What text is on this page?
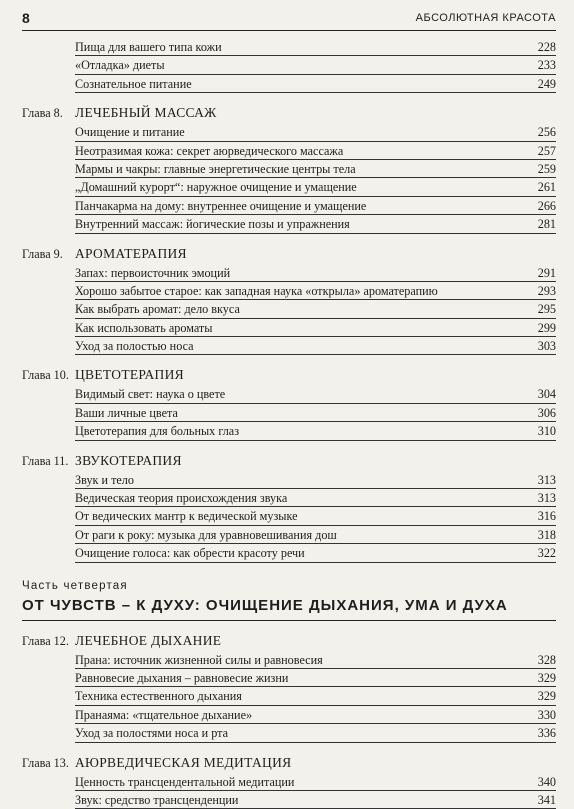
8	АБСОЛЮТНАЯ КРАСОТА
Пища для вашего типа кожи	228
«Отладка» диеты	233
Сознательное питание	249
Глава 8. ЛЕЧЕБНЫЙ МАССАЖ
Очищение и питание	256
Неотразимая кожа: секрет аюрведического массажа	257
Мармы и чакры: главные энергетические центры тела	259
„Домашний курорт“: наружное очищение и умащение	261
Панчакарма на дому: внутреннее очищение и умащение	266
Внутренний массаж: йогические позы и упражнения	281
Глава 9. АРОМАТЕРАПИЯ
Запах: первоисточник эмоций	291
Хорошо забытое старое: как западная наука «открыла» ароматерапию	293
Как выбрать аромат: дело вкуса	295
Как использовать ароматы	299
Уход за полостью носа	303
Глава 10. ЦВЕТОТЕРАПИЯ
Видимый свет: наука о цвете	304
Ваши личные цвета	306
Цветотерапия для больных глаз	310
Глава 11. ЗВУКОТЕРАПИЯ
Звук и тело	313
Ведическая теория происхождения звука	313
От ведических мантр к ведической музыке	316
От раги к року: музыка для уравновешивания дош	318
Очищение голоса: как обрести красоту речи	322
Часть четвертая
ОТ ЧУВСТВ – К ДУХУ: ОЧИЩЕНИЕ ДЫХАНИЯ, УМА И ДУХА
Глава 12. ЛЕЧЕБНОЕ ДЫХАНИЕ
Прана: источник жизненной силы и равновесия	328
Равновесие дыхания – равновесие жизни	329
Техника естественного дыхания	329
Пранаяма: «тщательное дыхание»	330
Уход за полостями носа и рта	336
Глава 13. АЮРВЕДИЧЕСКАЯ МЕДИТАЦИЯ
Ценность трансцендентальной медитации	340
Звук: средство трансценденции	341
